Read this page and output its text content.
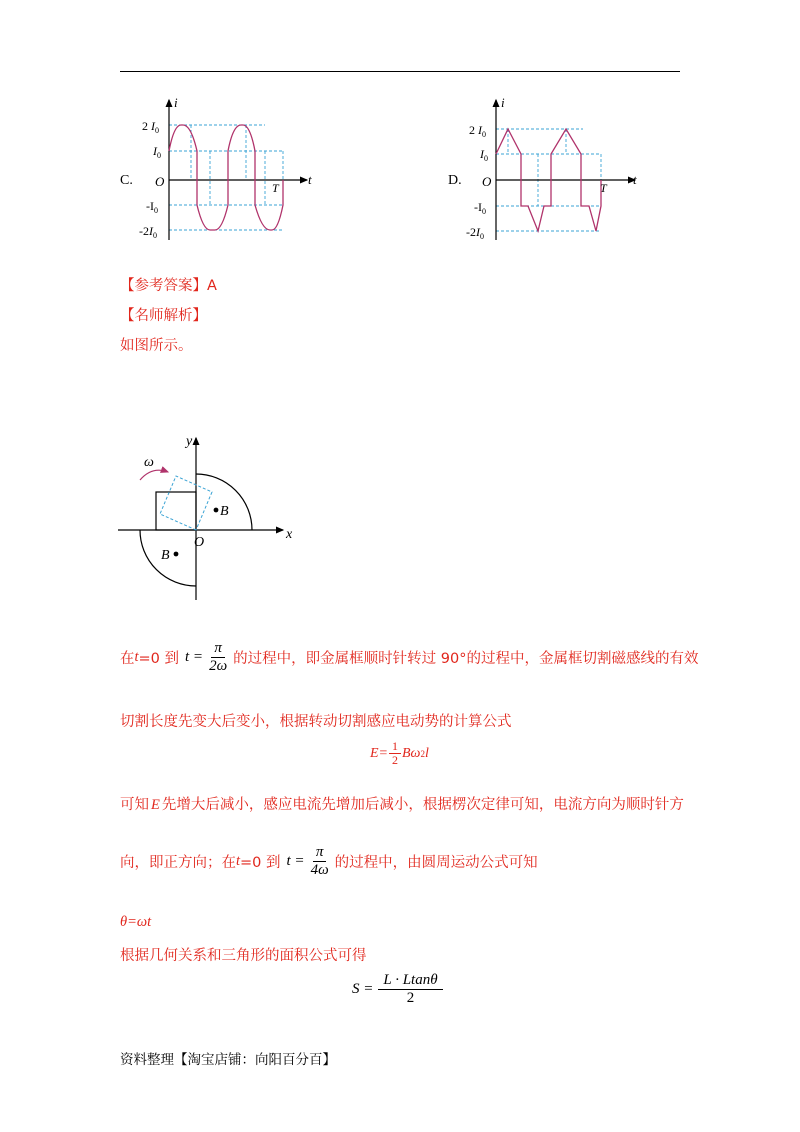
i
t
O	T
2 $I_0$
$I_0$
$-I_0$
$-2I_0$
C.
i
t
O	T
2 $I_0$
$I_0$
$-I_0$
$-2I_0$
D.
【参考答案】A
【名师解析】
如图所示。
ω
y
x
O
B
B
在 t =0 到 $t = \frac{\pi}{2\omega}$ 的过程中，即金属框顺时针转过 90°的过程中，金属框切割磁感线的有效
切割长度先变大后变小，根据转动切割感应电动势的计算公式
$E= \frac{1}{2}$ Bω 2 l
可知 E 先增大后减小，感应电流先增加后减小，根据楞次定律可知，电流方向为顺时针方
向，即正方向；在 t =0 到 $t = \frac{\pi}{4\omega}$ 的过程中，由圆周运动公式可知
θ=ωt
根据几何关系和三角形的面积公式可得
$S = \frac{L \cdot Ltan\theta}{2}$
资料整理【淘宝店铺：向阳百分百】
